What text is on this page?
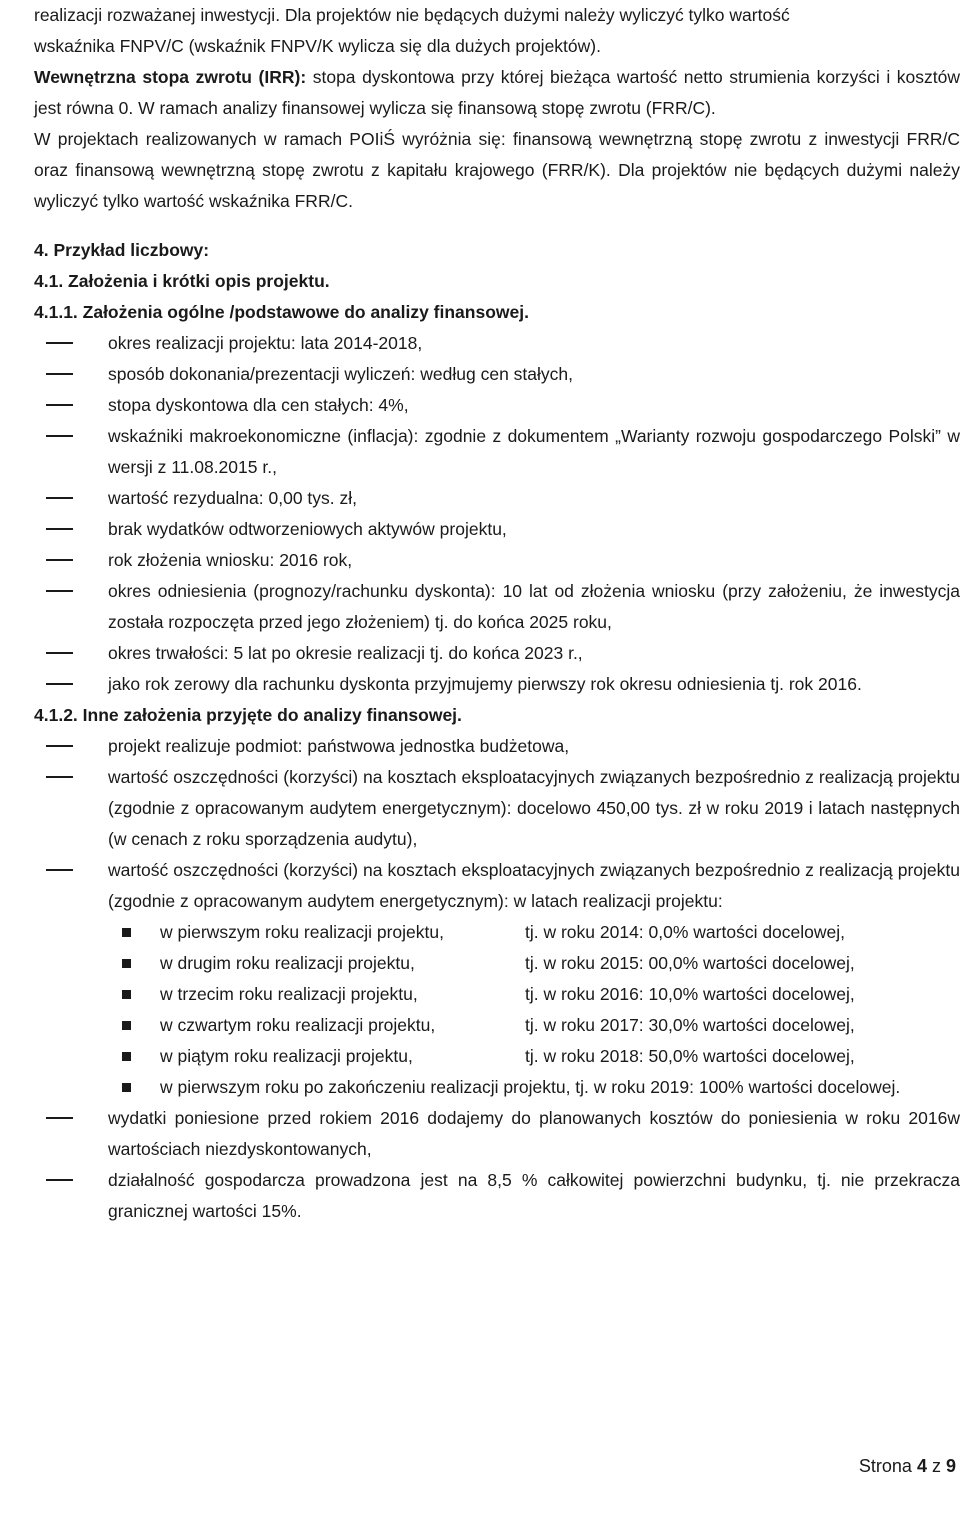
realizacji rozważanej inwestycji. Dla projektów nie będących dużymi należy wyliczyć tylko wartość

wskaźnika FNPV/C (wskaźnik FNPV/K wylicza się dla dużych projektów).

Wewnętrzna stopa zwrotu (IRR): stopa dyskontowa przy której bieżąca wartość netto strumienia korzyści i kosztów jest równa 0. W ramach analizy finansowej wylicza się finansową stopę zwrotu (FRR/C).

W projektach realizowanych w ramach POIiŚ wyróżnia się: finansową wewnętrzną stopę zwrotu z inwestycji FRR/C oraz finansową wewnętrzną stopę zwrotu z kapitału krajowego (FRR/K). Dla projektów nie będących dużymi należy wyliczyć tylko wartość wskaźnika FRR/C.

4. Przykład liczbowy:

4.1. Założenia i krótki opis projektu.

4.1.1. Założenia ogólne /podstawowe do analizy finansowej.

okres realizacji projektu: lata 2014-2018,
sposób dokonania/prezentacji wyliczeń: według cen stałych,
stopa dyskontowa dla cen stałych: 4%,
wskaźniki makroekonomiczne (inflacja): zgodnie z dokumentem „Warianty rozwoju gospodarczego Polski” w wersji z 11.08.2015 r.,
wartość rezydualna: 0,00 tys. zł,
brak wydatków odtworzeniowych aktywów projektu,
rok złożenia wniosku: 2016 rok,
okres odniesienia (prognozy/rachunku dyskonta): 10 lat od złożenia wniosku (przy założeniu, że inwestycja została rozpoczęta przed jego złożeniem) tj. do końca 2025 roku,
okres trwałości: 5 lat po okresie realizacji tj. do końca 2023 r.,
jako rok zerowy dla rachunku dyskonta przyjmujemy pierwszy rok okresu odniesienia tj. rok 2016.

4.1.2. Inne założenia przyjęte do analizy finansowej.

projekt realizuje podmiot: państwowa jednostka budżetowa,
wartość oszczędności (korzyści) na kosztach eksploatacyjnych związanych bezpośrednio z realizacją projektu (zgodnie z opracowanym audytem energetycznym): docelowo 450,00 tys. zł w roku 2019 i latach następnych (w cenach z roku sporządzenia audytu),
wartość oszczędności (korzyści) na kosztach eksploatacyjnych związanych bezpośrednio z realizacją projektu (zgodnie z opracowanym audytem energetycznym): w latach realizacji projektu:
w pierwszym roku realizacji projektu,	tj. w roku 2014: 0,0% wartości docelowej,
w drugim roku realizacji projektu,	tj. w roku 2015: 00,0% wartości docelowej,
w trzecim roku realizacji projektu,	tj. w roku 2016: 10,0% wartości docelowej,
w czwartym roku realizacji projektu,	tj. w roku 2017: 30,0% wartości docelowej,
w piątym roku realizacji projektu,	tj. w roku 2018: 50,0% wartości docelowej,
w pierwszym roku po zakończeniu realizacji projektu, tj. w roku 2019: 100% wartości docelowej.
wydatki poniesione przed rokiem 2016 dodajemy do planowanych kosztów do poniesienia w roku 2016w wartościach niezdyskontowanych,
działalność gospodarcza prowadzona jest na 8,5 % całkowitej powierzchni budynku, tj. nie przekracza granicznej wartości 15%.
Strona 4 z 9
